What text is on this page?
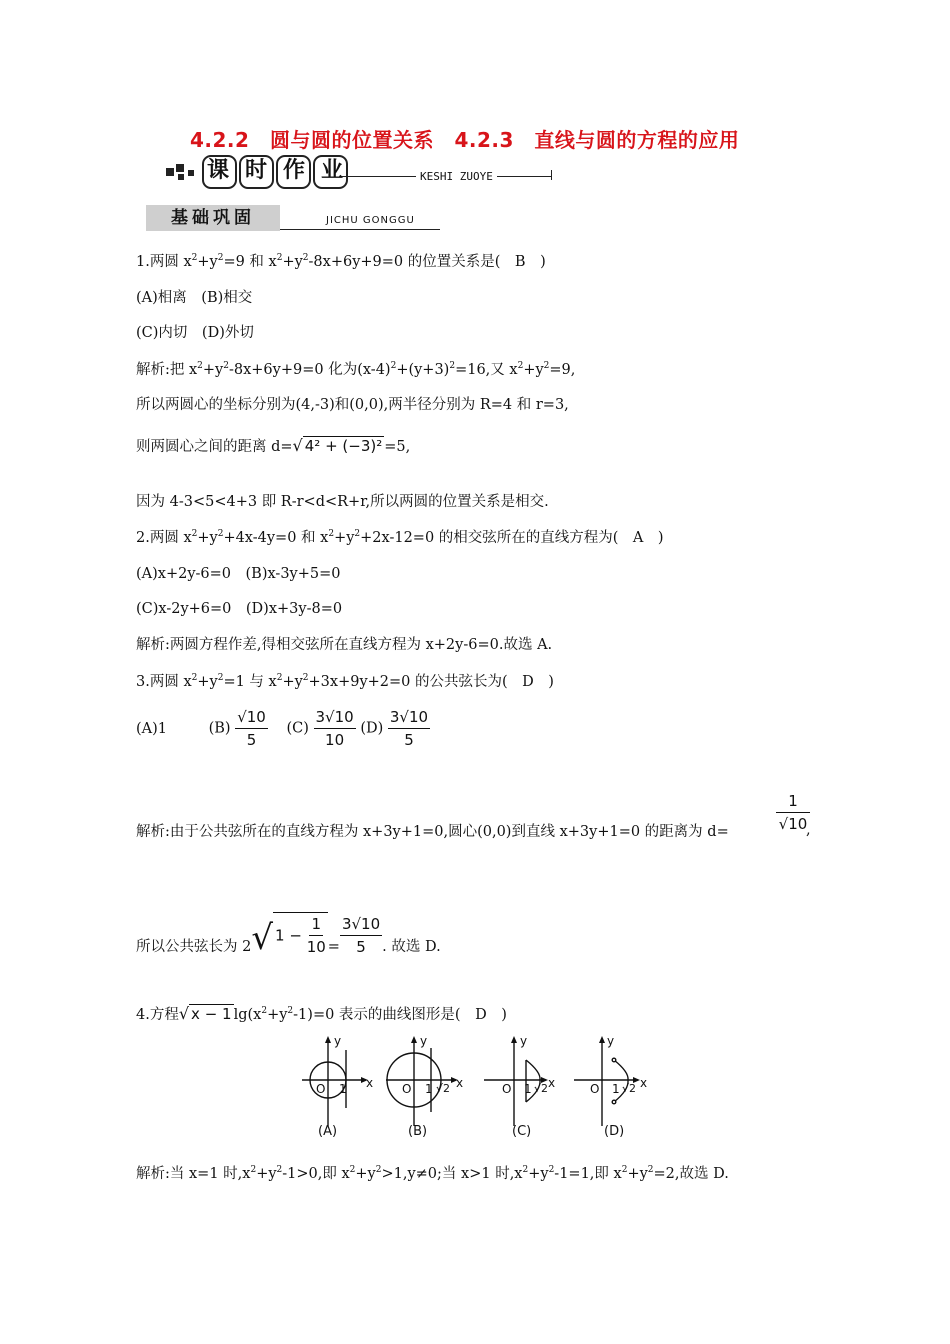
4.2.2　圆与圆的位置关系　4.2.3　直线与圆的方程的应用
课时作业	KESHI ZUOYE
基础巩固	JICHU GONGGU
1.两圆 $x^2+y^2=9$ 和 $x^2+y^2-8x+6y+9=0$ 的位置关系是(　B　)
(A)相离　(B)相交
(C)内切　(D)外切
解析:把 $x^2+y^2-8x+6y+9=0$ 化为$(x-4)^2+(y+3)^2=16$,又 $x^2+y^2=9$,
所以两圆心的坐标分别为(4,-3)和(0,0),两半径分别为 R=4 和 r=3,
则两圆心之间的距离 d=√ 4² + (−3)² =5,
因为 4-3<5<4+3 即 R-r<d<R+r,所以两圆的位置关系是相交.
2.两圆 $x^2+y^2+4x-4y=0$ 和 $x^2+y^2+2x-12=0$ 的相交弦所在的直线方程为(　A　)
(A)x+2y-6=0　(B)x-3y+5=0
(C)x-2y+6=0　(D)x+3y-8=0
解析:两圆方程作差,得相交弦所在直线方程为 x+2y-6=0.故选 A.
3.两圆 $x^2+y^2=1$ 与 $x^2+y^2+3x+9y+2=0$ 的公共弦长为(　D　)
(A)1	$(B) \frac{√10}{5} (C) \frac{3√10}{10} (D) \frac{3√10}{5}$
解析:由于公共弦所在的直线方程为 x+3y+1=0,圆心(0,0)到直线 x+3y+1=0 的距离为 d=
1
√10
,
所以公共弦长为 2√ $1 - \frac{1}{10} = \frac{3√10}{5}$ . 故选 D.
4.方程√ x − 1 $\lg(x^2+y^2-1)=0$ 表示的曲线图形是(　D　)
y
x
O 1
y
x
O 1 √2
y
x
O 1 √2
y
x
O 1 √2
(A)	(B)	(C)	(D)
解析:当 x=1 时$,x^2+y^2-1>0$,即 $x^2+y^2>1,y\ne 0$;当 x>1 时$,x^2+y^2-1=1$,即 $x^2+y^2=2$,故选 D.
